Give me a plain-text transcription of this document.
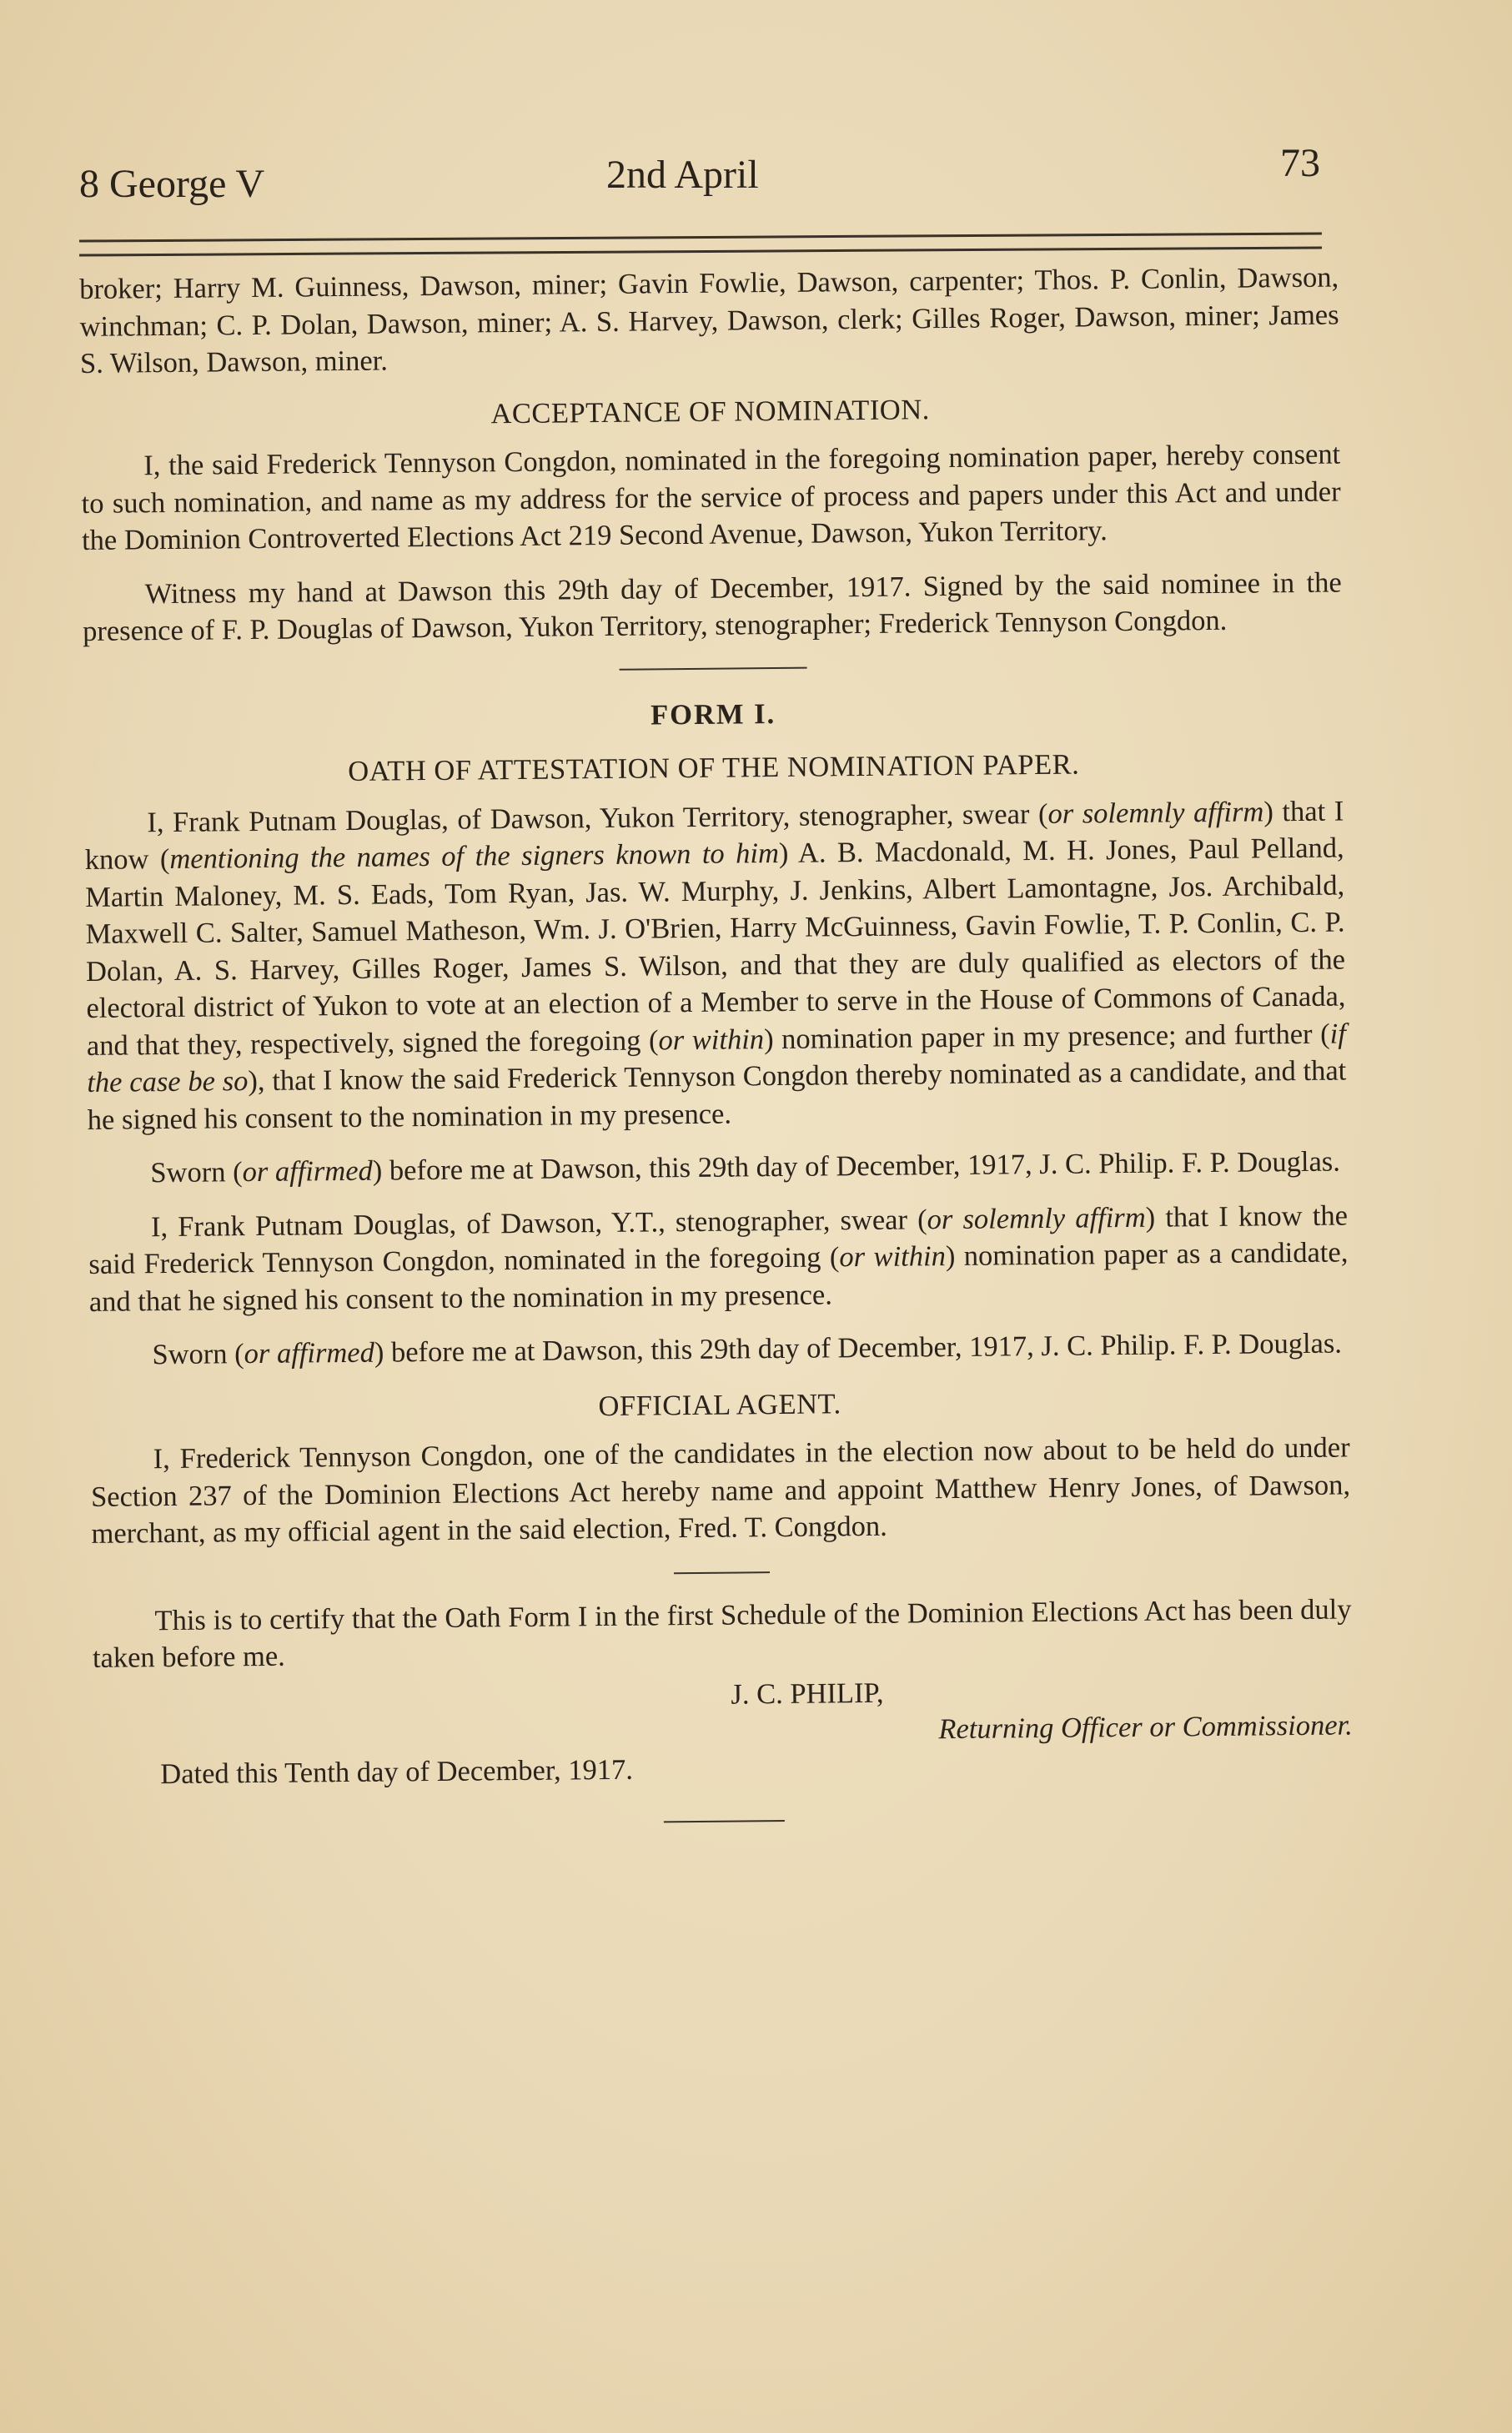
8 George V	2nd April	73

broker; Harry M. Guinness, Dawson, miner; Gavin Fowlie, Dawson, carpenter; Thos. P. Conlin, Dawson, winchman; C. P. Dolan, Dawson, miner; A. S. Harvey, Dawson, clerk; Gilles Roger, Dawson, miner; James S. Wilson, Dawson, miner.

ACCEPTANCE OF NOMINATION.

I, the said Frederick Tennyson Congdon, nominated in the foregoing nomination paper, hereby consent to such nomination, and name as my address for the service of process and papers under this Act and under the Dominion Controverted Elections Act 219 Second Avenue, Dawson, Yukon Territory.

Witness my hand at Dawson this 29th day of December, 1917. Signed by the said nominee in the presence of F. P. Douglas of Dawson, Yukon Territory, stenographer; Frederick Tennyson Congdon.

FORM I.

OATH OF ATTESTATION OF THE NOMINATION PAPER.

I, Frank Putnam Douglas, of Dawson, Yukon Territory, stenographer, swear (or solemnly affirm) that I know (mentioning the names of the signers known to him) A. B. Macdonald, M. H. Jones, Paul Pelland, Martin Maloney, M. S. Eads, Tom Ryan, Jas. W. Murphy, J. Jenkins, Albert Lamontagne, Jos. Archibald, Maxwell C. Salter, Samuel Matheson, Wm. J. O'Brien, Harry McGuinness, Gavin Fowlie, T. P. Conlin, C. P. Dolan, A. S. Harvey, Gilles Roger, James S. Wilson, and that they are duly qualified as electors of the electoral district of Yukon to vote at an election of a Member to serve in the House of Commons of Canada, and that they, respectively, signed the foregoing (or within) nomination paper in my presence; and further (if the case be so), that I know the said Frederick Tennyson Congdon thereby nominated as a candidate, and that he signed his consent to the nomination in my presence.

Sworn (or affirmed) before me at Dawson, this 29th day of December, 1917, J. C. Philip. F. P. Douglas.

I, Frank Putnam Douglas, of Dawson, Y.T., stenographer, swear (or solemnly affirm) that I know the said Frederick Tennyson Congdon, nominated in the foregoing (or within) nomination paper as a candidate, and that he signed his consent to the nomination in my presence.

Sworn (or affirmed) before me at Dawson, this 29th day of December, 1917, J. C. Philip. F. P. Douglas.

OFFICIAL AGENT.

I, Frederick Tennyson Congdon, one of the candidates in the election now about to be held do under Section 237 of the Dominion Elections Act hereby name and appoint Matthew Henry Jones, of Dawson, merchant, as my official agent in the said election, Fred. T. Congdon.

This is to certify that the Oath Form I in the first Schedule of the Dominion Elections Act has been duly taken before me.

J. C. PHILIP,

Returning Officer or Commissioner.

Dated this Tenth day of December, 1917.
